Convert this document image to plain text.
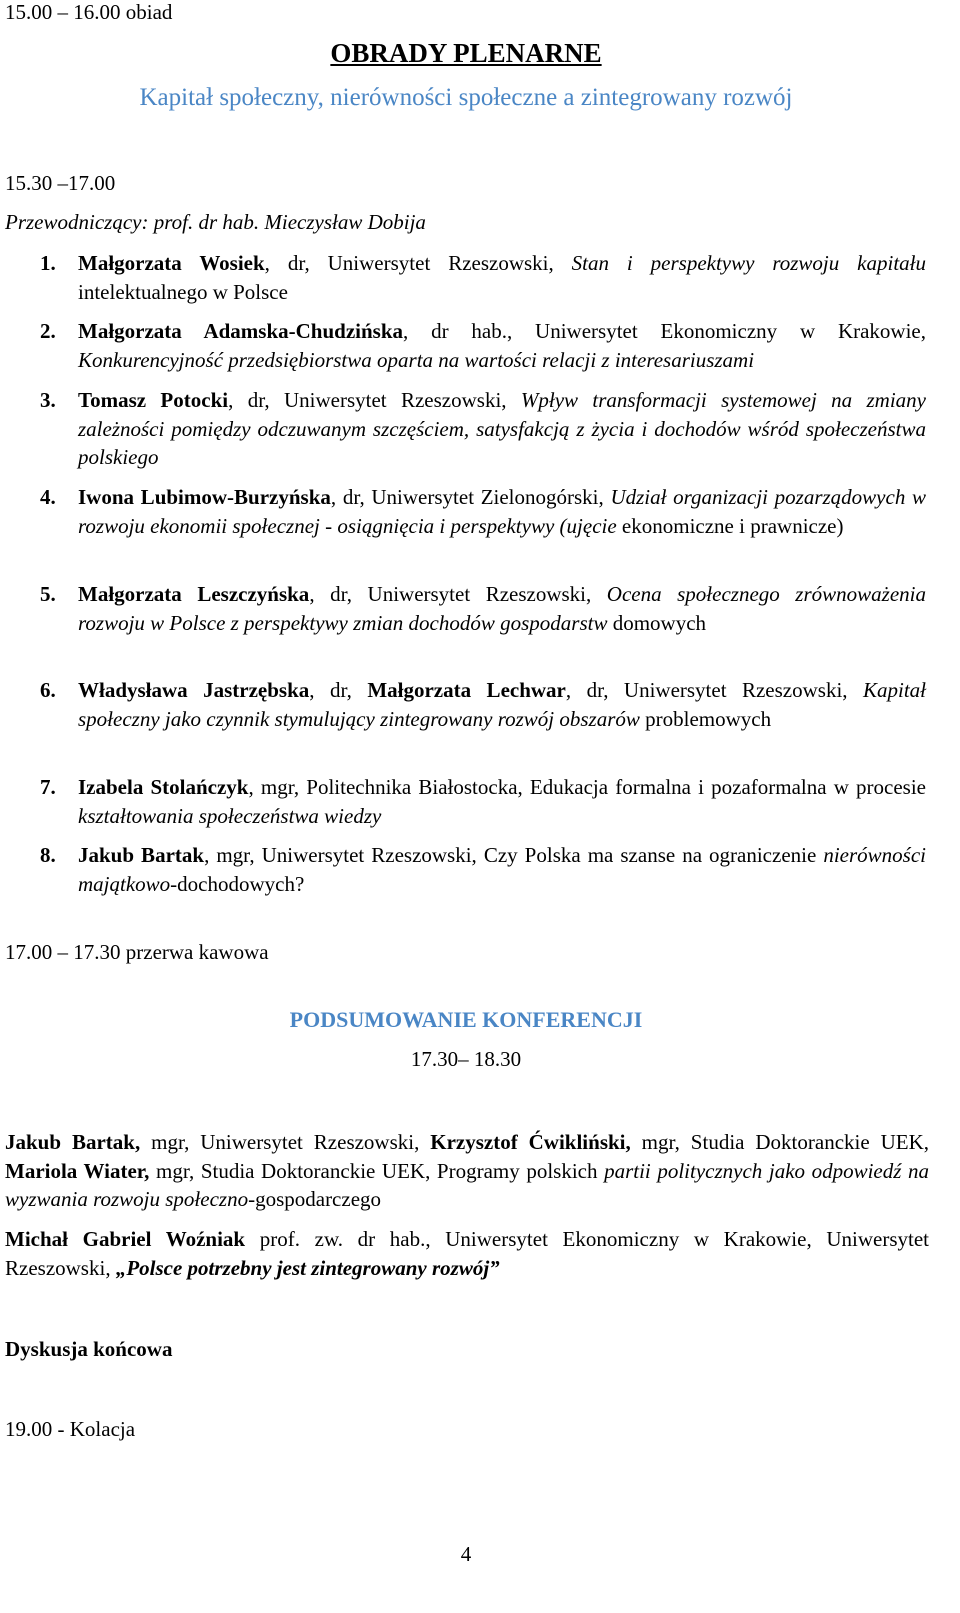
15.00 – 16.00 obiad
OBRADY PLENARNE
Kapitał społeczny, nierówności społeczne a zintegrowany rozwój
15.30 –17.00
Przewodniczący: prof. dr hab. Mieczysław Dobija
1. Małgorzata Wosiek, dr, Uniwersytet Rzeszowski, Stan i perspektywy rozwoju kapitału intelektualnego w Polsce
2. Małgorzata Adamska-Chudzińska, dr hab., Uniwersytet Ekonomiczny w Krakowie, Konkurencyjność przedsiębiorstwa oparta na wartości relacji z interesariuszami
3. Tomasz Potocki, dr, Uniwersytet Rzeszowski, Wpływ transformacji systemowej na zmiany zależności pomiędzy odczuwanym szczęściem, satysfakcją z życia i dochodów wśród społeczeństwa polskiego
4. Iwona Lubimow-Burzyńska, dr, Uniwersytet Zielonogórski, Udział organizacji pozarządowych w rozwoju ekonomii społecznej - osiągnięcia i perspektywy (ujęcie ekonomiczne i prawnicze)
5. Małgorzata Leszczyńska, dr, Uniwersytet Rzeszowski, Ocena społecznego zrównoważenia rozwoju w Polsce z perspektywy zmian dochodów gospodarstw domowych
6. Władysława Jastrzębska, dr, Małgorzata Lechwar, dr, Uniwersytet Rzeszowski, Kapitał społeczny jako czynnik stymulujący zintegrowany rozwój obszarów problemowych
7. Izabela Stolańczyk, mgr, Politechnika Białostocka, Edukacja formalna i pozaformalna w procesie kształtowania społeczeństwa wiedzy
8. Jakub Bartak, mgr, Uniwersytet Rzeszowski, Czy Polska ma szanse na ograniczenie nierówności majątkowo-dochodowych?
17.00 – 17.30 przerwa kawowa
PODSUMOWANIE KONFERENCJI
17.30– 18.30
Jakub Bartak, mgr, Uniwersytet Rzeszowski, Krzysztof Ćwikliński, mgr, Studia Doktoranckie UEK, Mariola Wiater, mgr, Studia Doktoranckie UEK, Programy polskich partii politycznych jako odpowiedź na wyzwania rozwoju społeczno-gospodarczego
Michał Gabriel Woźniak prof. zw. dr hab., Uniwersytet Ekonomiczny w Krakowie, Uniwersytet Rzeszowski, „Polsce potrzebny jest zintegrowany rozwój”
Dyskusja końcowa
19.00 - Kolacja
4
